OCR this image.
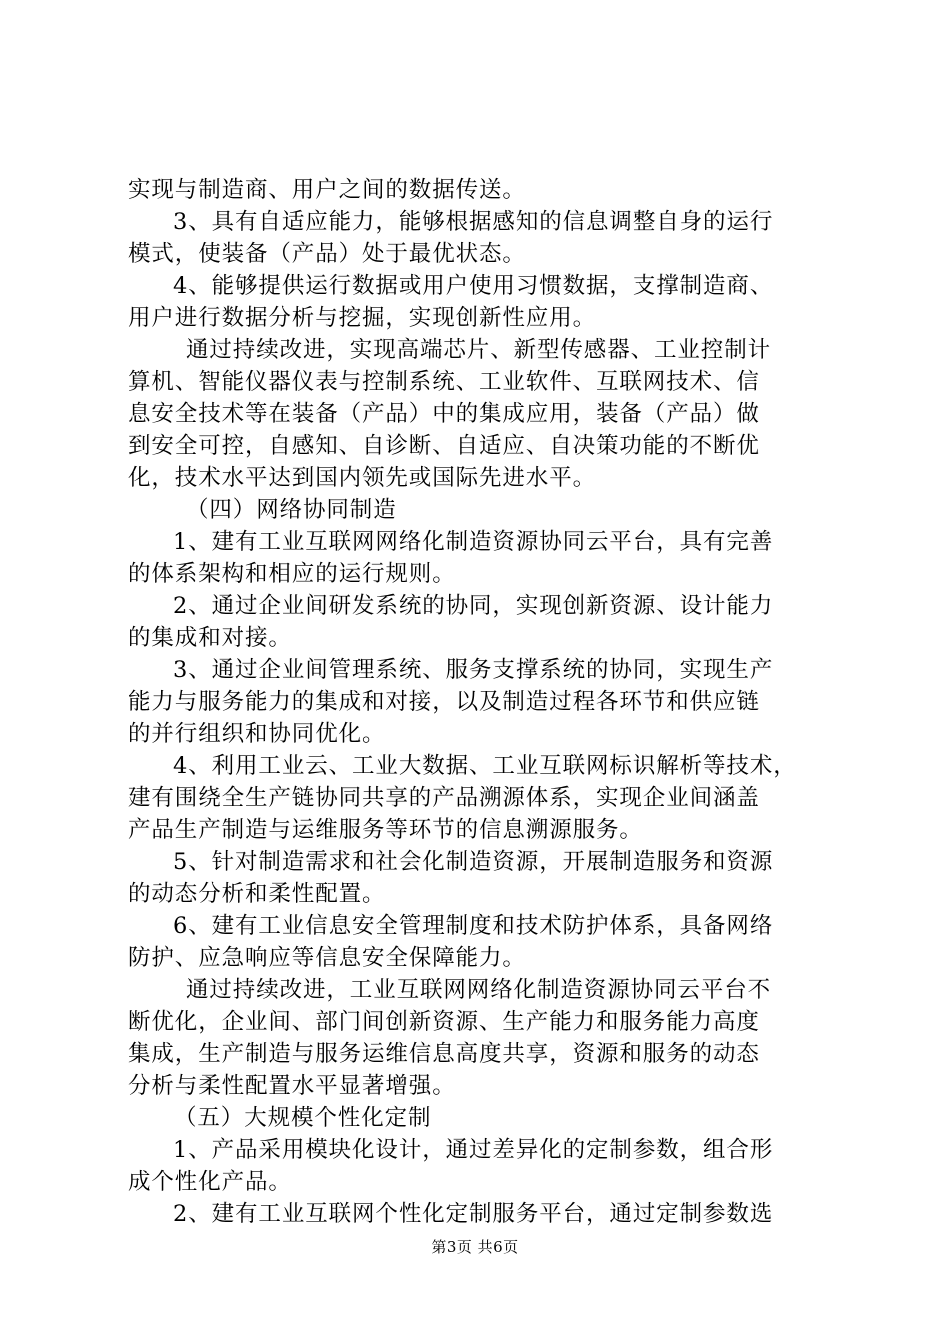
实现与制造商、用户之间的数据传送。
3、具有自适应能力，能够根据感知的信息调整自身的运行
模式，使装备（产品）处于最优状态。
4、能够提供运行数据或用户使用习惯数据，支撑制造商、
用户进行数据分析与挖掘，实现创新性应用。
通过持续改进，实现高端芯片、新型传感器、工业控制计
算机、智能仪器仪表与控制系统、工业软件、互联网技术、信
息安全技术等在装备（产品）中的集成应用，装备（产品）做
到安全可控，自感知、自诊断、自适应、自决策功能的不断优
化，技术水平达到国内领先或国际先进水平。
（四）网络协同制造
1、建有工业互联网网络化制造资源协同云平台，具有完善
的体系架构和相应的运行规则。
2、通过企业间研发系统的协同，实现创新资源、设计能力
的集成和对接。
3、通过企业间管理系统、服务支撑系统的协同，实现生产
能力与服务能力的集成和对接，以及制造过程各环节和供应链
的并行组织和协同优化。
4、利用工业云、工业大数据、工业互联网标识解析等技术，
建有围绕全生产链协同共享的产品溯源体系，实现企业间涵盖
产品生产制造与运维服务等环节的信息溯源服务。
5、针对制造需求和社会化制造资源，开展制造服务和资源
的动态分析和柔性配置。
6、建有工业信息安全管理制度和技术防护体系，具备网络
防护、应急响应等信息安全保障能力。
通过持续改进，工业互联网网络化制造资源协同云平台不
断优化，企业间、部门间创新资源、生产能力和服务能力高度
集成，生产制造与服务运维信息高度共享，资源和服务的动态
分析与柔性配置水平显著增强。
（五）大规模个性化定制
1、产品采用模块化设计，通过差异化的定制参数，组合形
成个性化产品。
2、建有工业互联网个性化定制服务平台，通过定制参数选
第3页 共6页
